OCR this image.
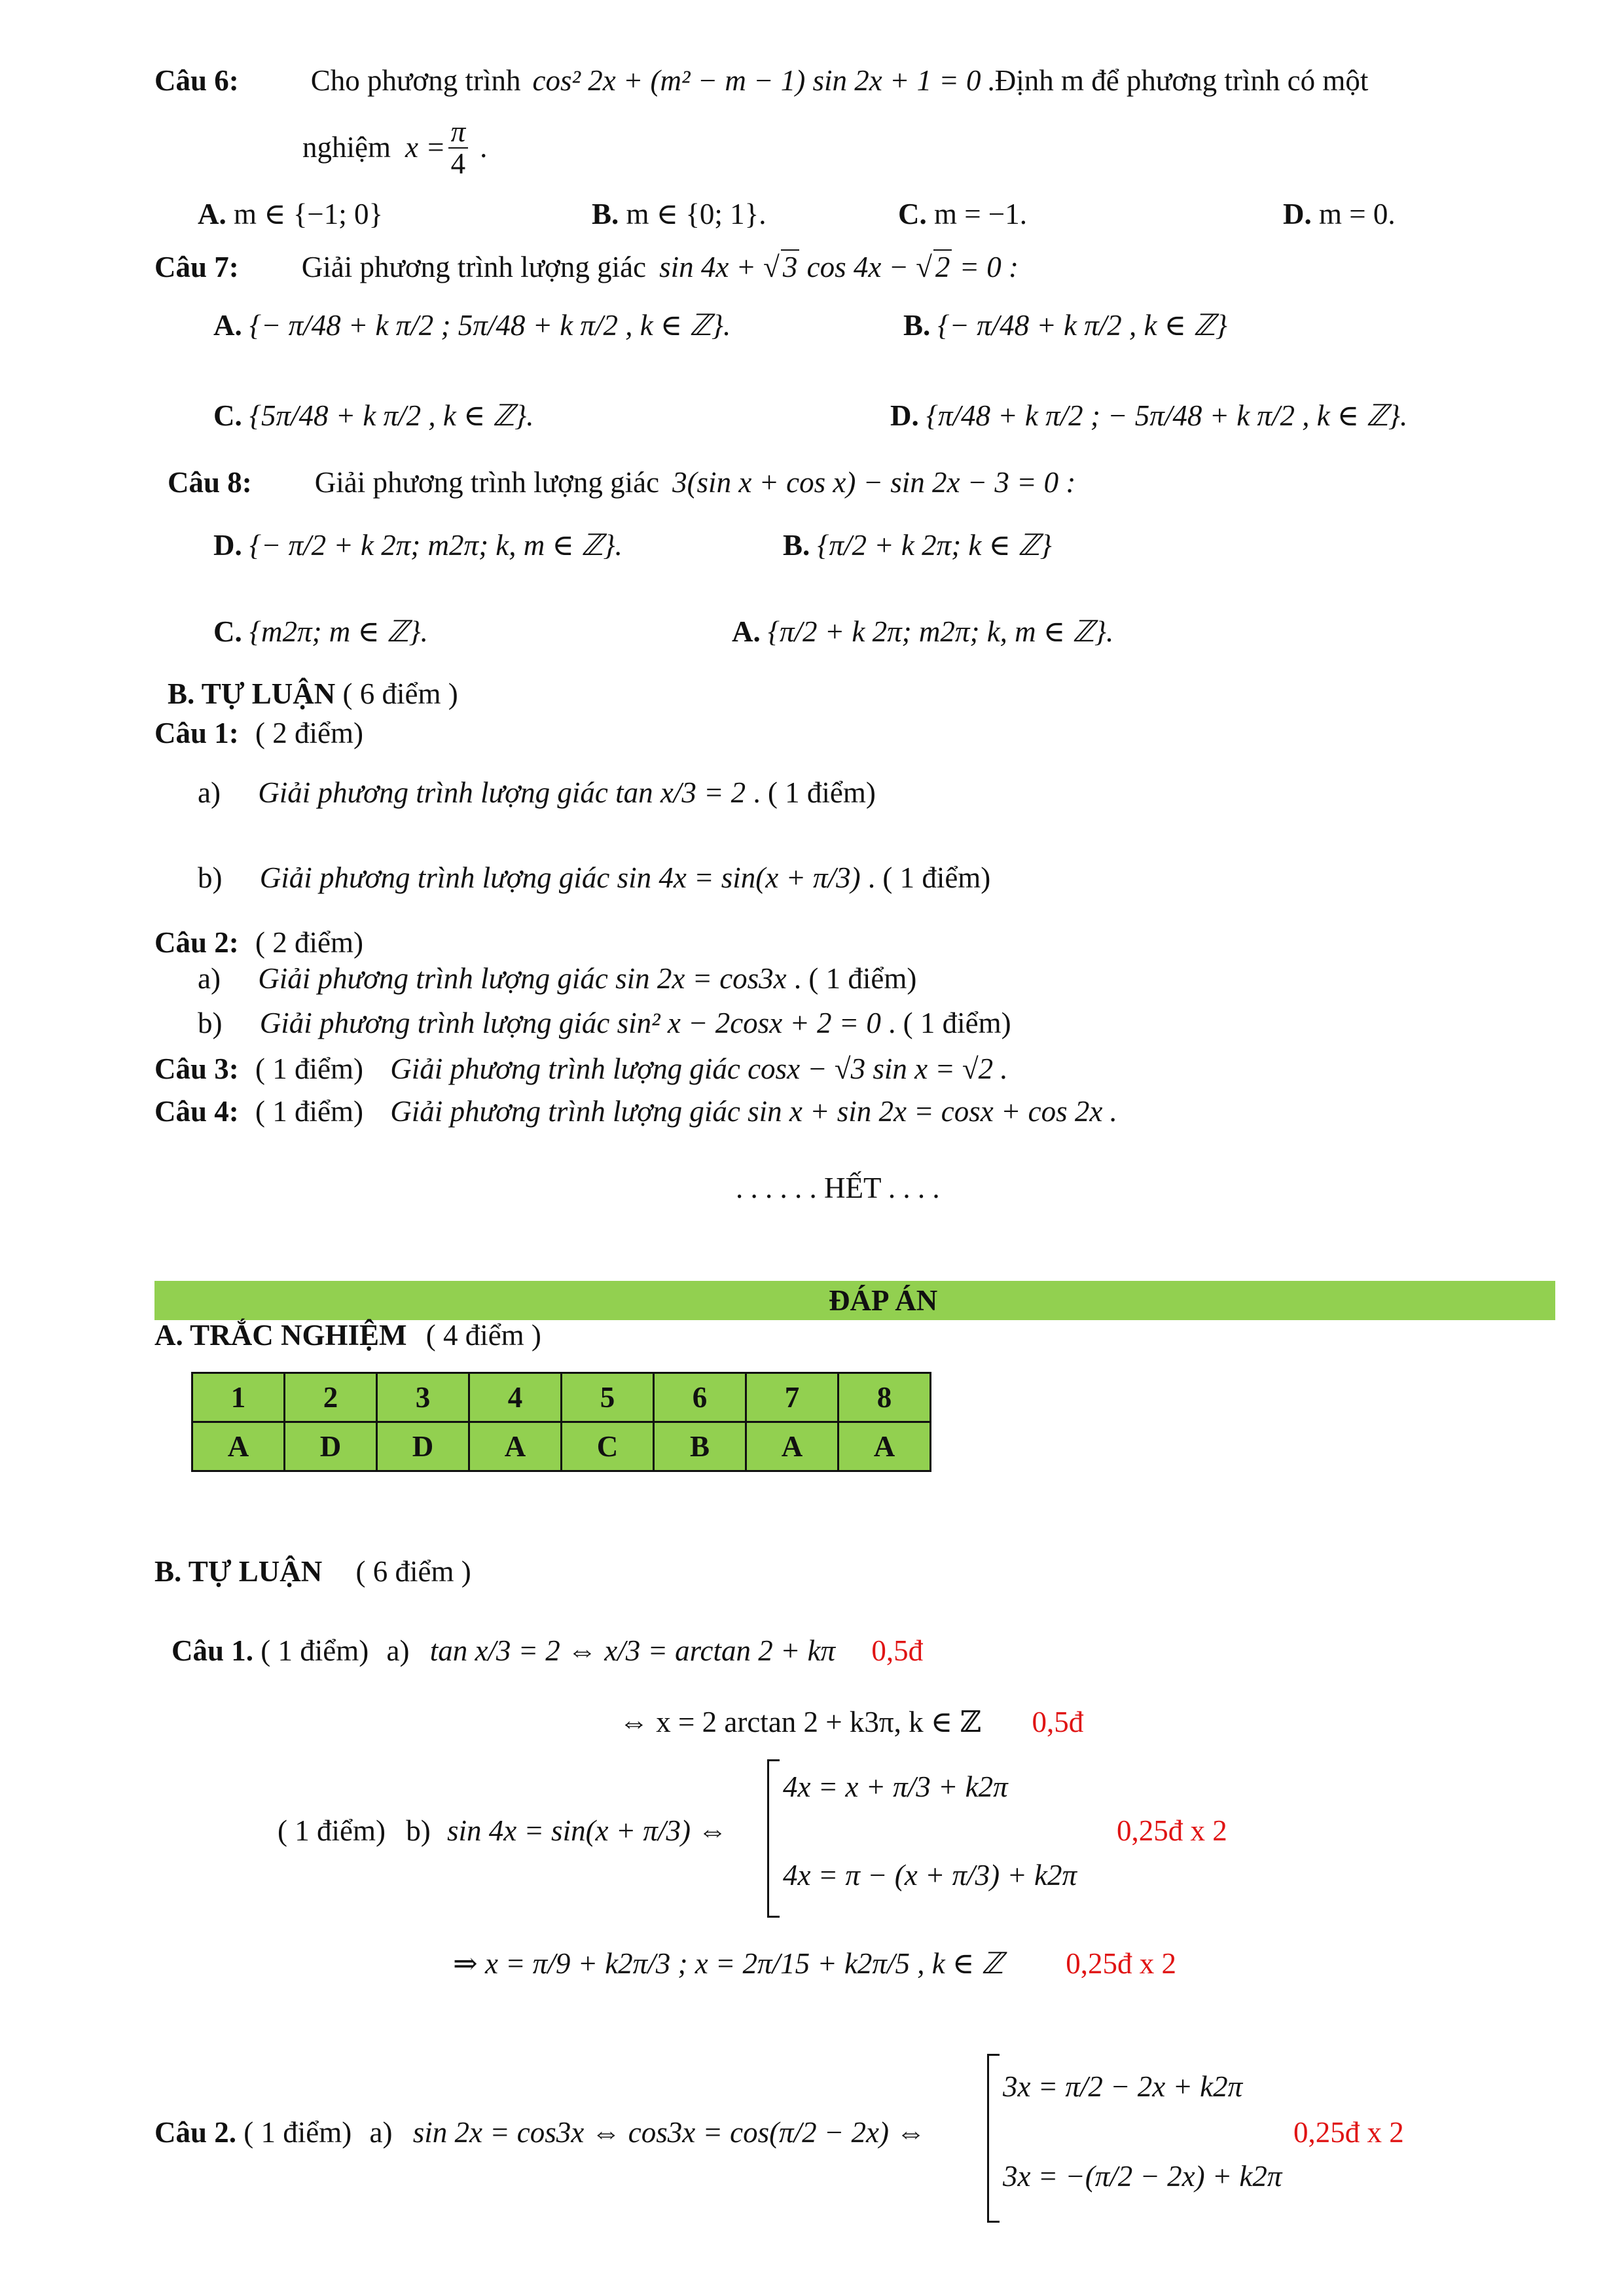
Câu 6: Cho phương trình cos² 2x + (m² − m − 1) sin 2x + 1 = 0 .Định m để phương trình có một
nghiệm $x = \frac{\pi}{4}$ .
A. m ∈ {−1; 0}	B. m ∈ {0; 1}.	C. m = −1.	D. m = 0.
Câu 7: Giải phương trình lượng giác sin 4x + √ 3 cos 4x − √ 2 = 0 :
A. {− π/48 + k π/2 ; 5π/48 + k π/2 , k ∈ ℤ}.	B. {− π/48 + k π/2 , k ∈ ℤ}
C. {5π/48 + k π/2 , k ∈ ℤ}.	D. {π/48 + k π/2 ; − 5π/48 + k π/2 , k ∈ ℤ}.
Câu 8: Giải phương trình lượng giác 3(sin x + cos x) − sin 2x − 3 = 0 :
D. {− π/2 + k 2π; m2π; k, m ∈ ℤ}.	B. {π/2 + k 2π; k ∈ ℤ}
C. {m2π; m ∈ ℤ}.	A. {π/2 + k 2π; m2π; k, m ∈ ℤ}.
B. TỰ LUẬN ( 6 điểm )
Câu 1: ( 2 điểm)
a) Giải phương trình lượng giác tan x/3 = 2 . ( 1 điểm)
b) Giải phương trình lượng giác sin 4x = sin(x + π/3) . ( 1 điểm)
Câu 2: ( 2 điểm)
a) Giải phương trình lượng giác sin 2x = cos3x . ( 1 điểm)
b) Giải phương trình lượng giác sin² x − 2cosx + 2 = 0 . ( 1 điểm)
Câu 3: ( 1 điểm) Giải phương trình lượng giác cosx − √3 sin x = √2 .
Câu 4: ( 1 điểm) Giải phương trình lượng giác sin x + sin 2x = cosx + cos 2x .
. . . . . . HẾT . . . .
ĐÁP ÁN
A. TRẮC NGHIỆM ( 4 điểm )
1	2	3	4	5	6	7	8
A	D	D	A	C	B	A	A
B. TỰ LUẬN ( 6 điểm )
Câu 1. ( 1 điểm) a) tan x/3 = 2 ⇔ x/3 = arctan 2 + kπ 0,5đ
⇔ x = 2 arctan 2 + k3π, k ∈ ℤ 0,5đ
( 1 điểm) b) sin 4x = sin(x + π/3) ⇔
4x = x + π/3 + k2π
4x = π − (x + π/3) + k2π
0,25đ x 2
⇒ x = π/9 + k2π/3 ; x = 2π/15 + k2π/5 , k ∈ ℤ 0,25đ x 2
Câu 2. ( 1 điểm) a) sin 2x = cos3x ⇔ cos3x = cos(π/2 − 2x) ⇔
3x = π/2 − 2x + k2π
3x = −(π/2 − 2x) + k2π
0,25đ x 2
